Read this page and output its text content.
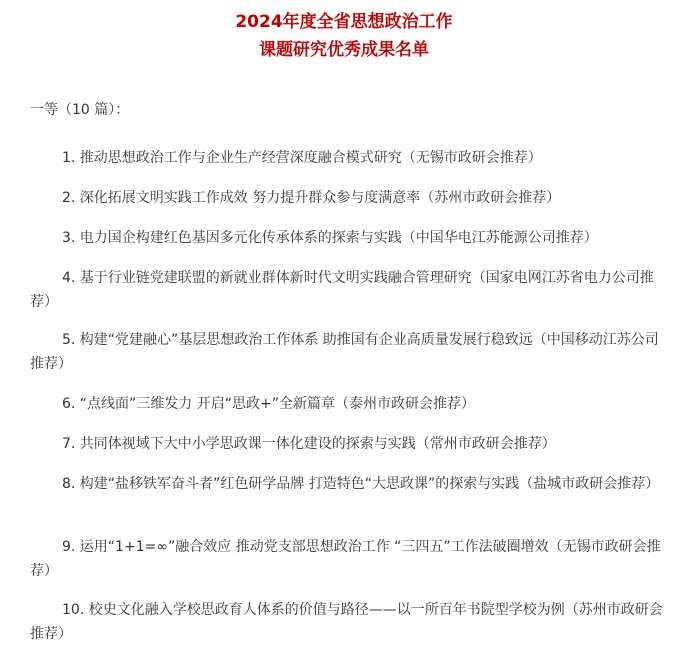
2024年度全省思想政治工作
课题研究优秀成果名单

一等（10 篇）：

1. 推动思想政治工作与企业生产经营深度融合模式研究（无锡市政研会推荐）
2. 深化拓展文明实践工作成效 努力提升群众参与度满意率（苏州市政研会推荐）
3. 电力国企构建红色基因多元化传承体系的探索与实践（中国华电江苏能源公司推荐）
4. 基于行业链党建联盟的新就业群体新时代文明实践融合管理研究（国家电网江苏省电力公司推荐）
5. 构建“党建融心”基层思想政治工作体系 助推国有企业高质量发展行稳致远（中国移动江苏公司推荐）
6. “点线面”三维发力 开启“思政+”全新篇章（泰州市政研会推荐）
7. 共同体视域下大中小学思政课一体化建设的探索与实践（常州市政研会推荐）
8. 构建“盐移铁军奋斗者”红色研学品牌 打造特色“大思政课”的探索与实践（盐城市政研会推荐）
9. 运用“1+1=∞”融合效应 推动党支部思想政治工作 “三四五”工作法破圈增效（无锡市政研会推荐）
10. 校史文化融入学校思政育人体系的价值与路径——以一所百年书院型学校为例（苏州市政研会推荐）
